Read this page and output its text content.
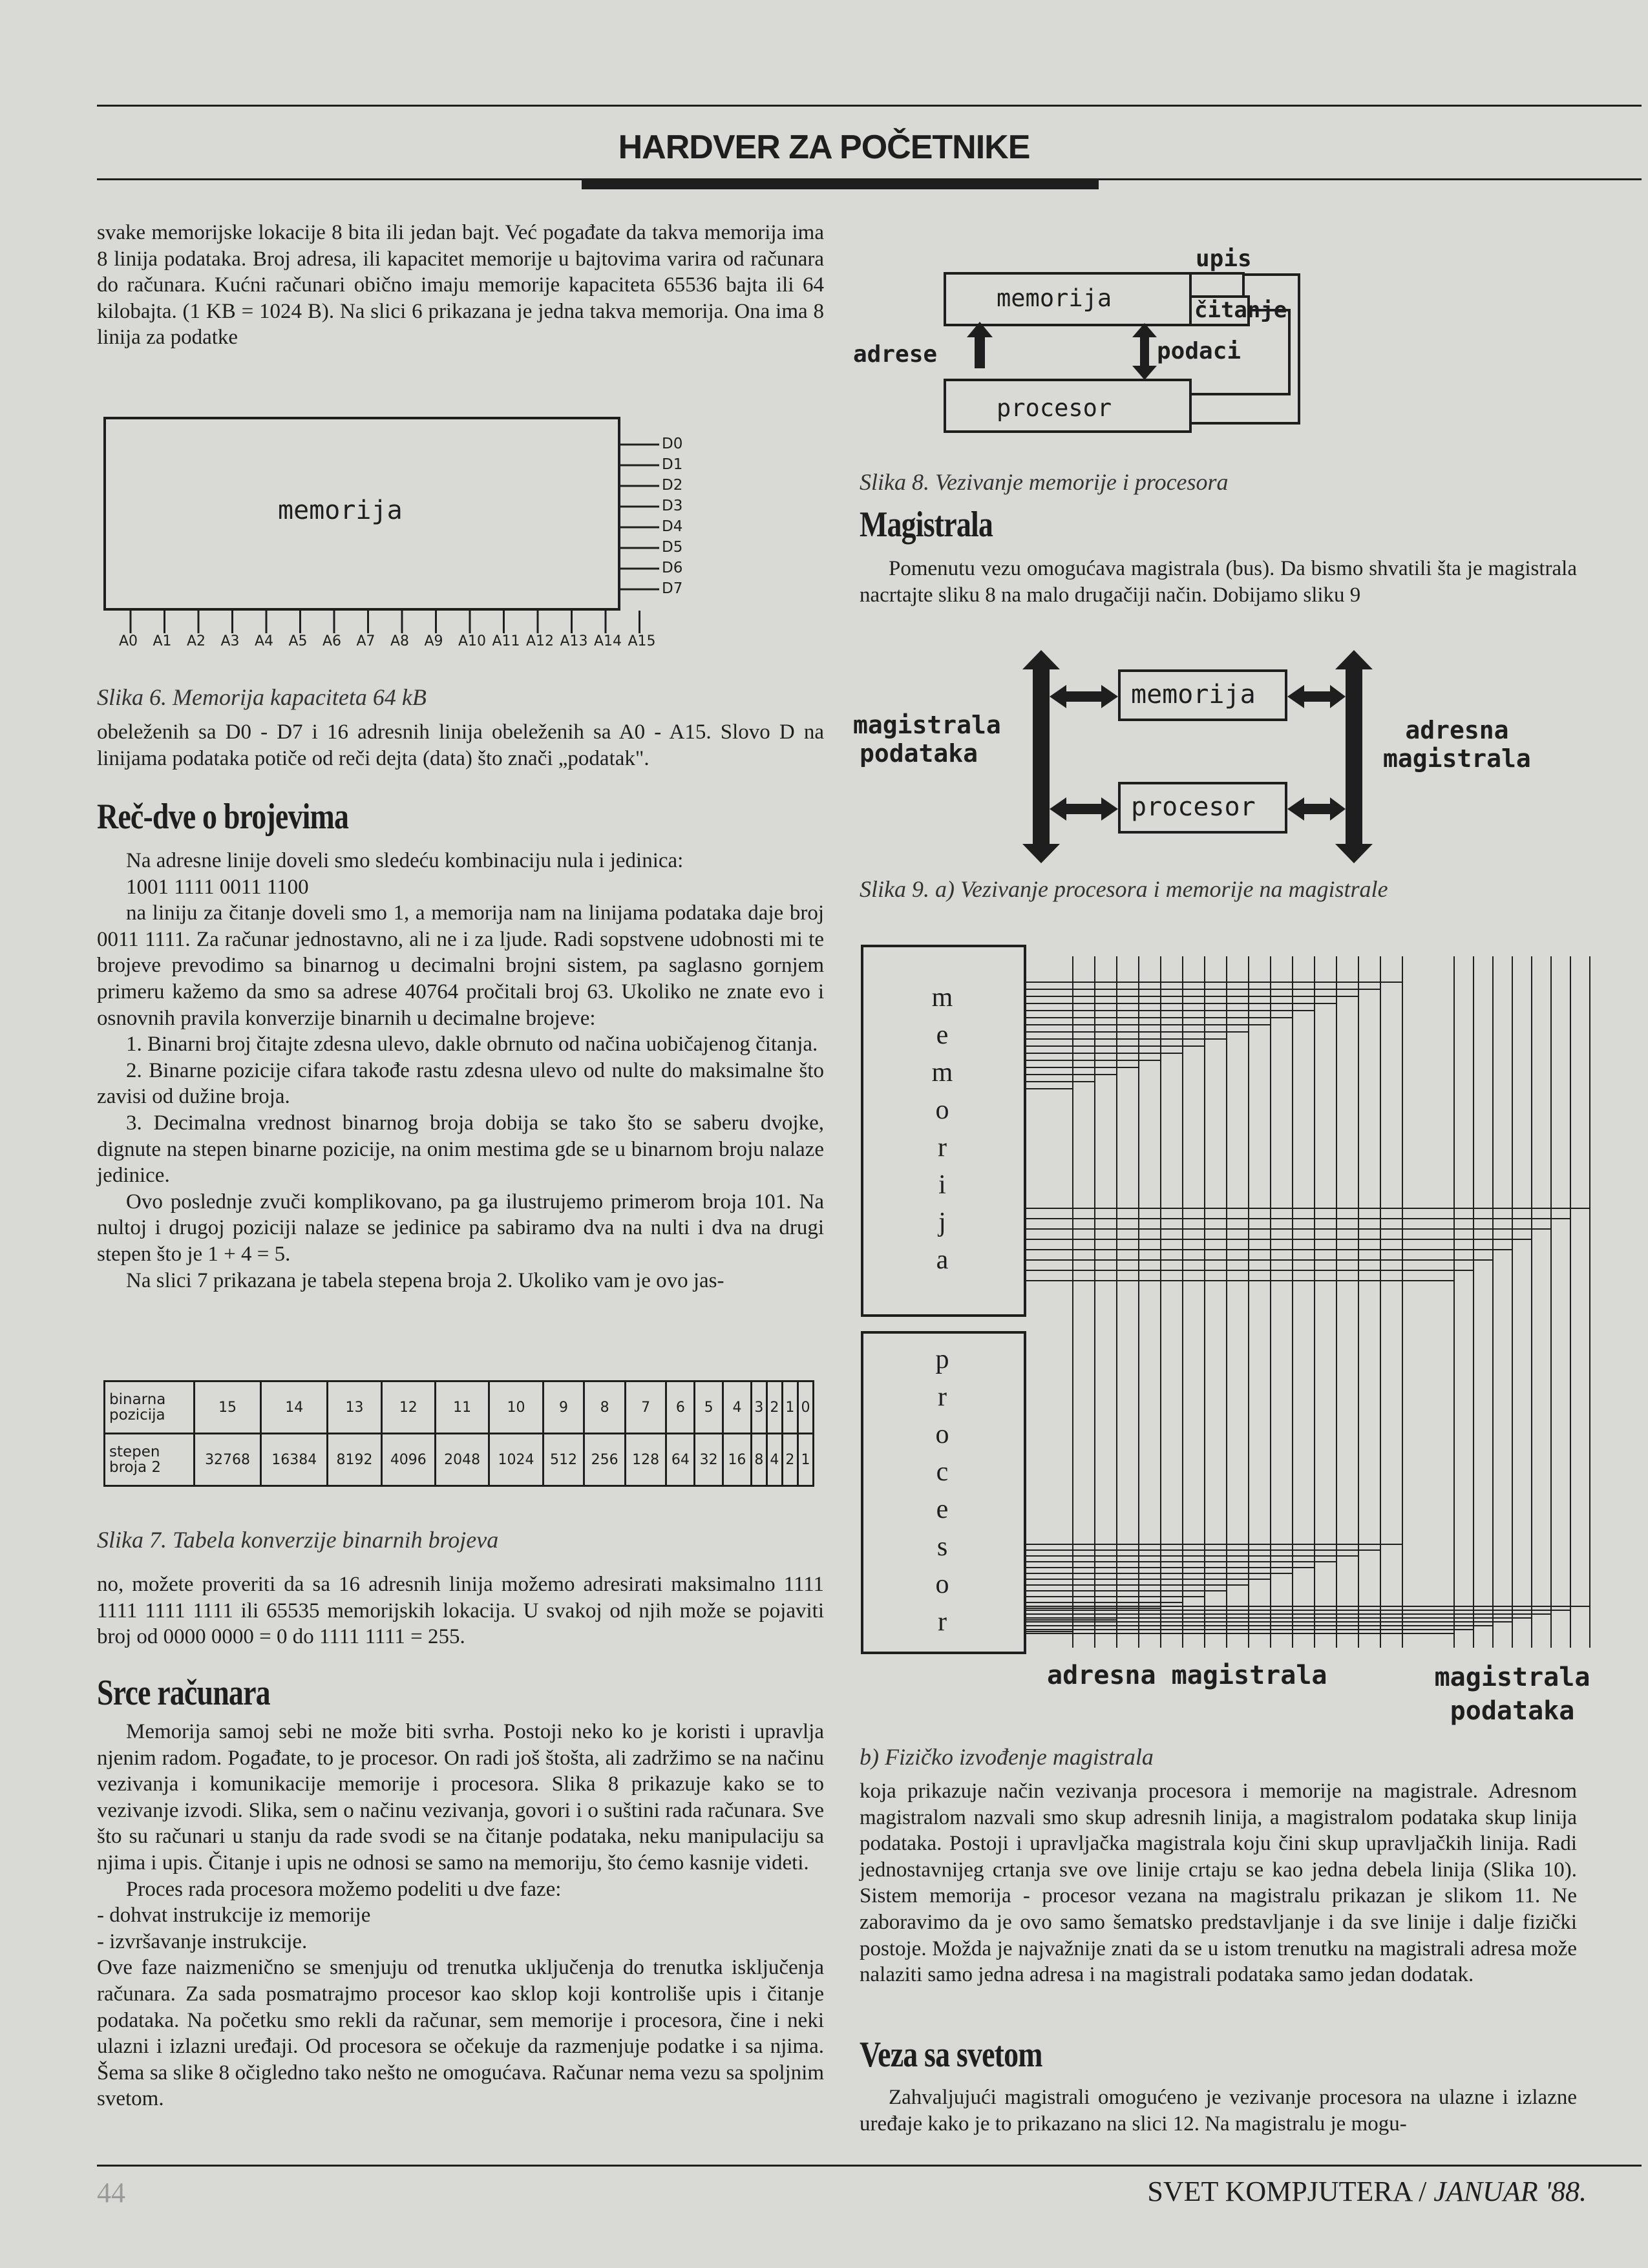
HARDVER ZA POČETNIKE

svake memorijske lokacije 8 bita ili jedan bajt. Već pogađate da takva memorija ima 8 linija podataka. Broj adresa, ili kapacitet memorije u bajtovima varira od računara do računara. Kućni računari obično imaju memorije kapaciteta 65536 bajta ili 64 kilobajta. (1 KB = 1024 B). Na slici 6 prikazana je jedna takva memorija. Ona ima 8 linija za podatke

memorija
D0
D1
D2
D3
D4
D5
D6
D7
A0 A1 A2 A3 A4 A5 A6 A7 A8 A9 A10 A11 A12 A13 A14 A15
Slika 6. Memorija kapaciteta 64 kB

obeleženih sa D0 - D7 i 16 adresnih linija obeleženih sa A0 - A15. Slovo D na linijama podataka potiče od reči dejta (data) što znači „podatak".

Reč-dve o brojevima

Na adresne linije doveli smo sledeću kombinaciju nula i jedinica:

1001 1111 0011 1100

na liniju za čitanje doveli smo 1, a memorija nam na linijama podataka daje broj 0011 1111. Za računar jednostavno, ali ne i za ljude. Radi sopstvene udobnosti mi te brojeve prevodimo sa binarnog u decimalni brojni sistem, pa saglasno gornjem primeru kažemo da smo sa adrese 40764 pročitali broj 63. Ukoliko ne znate evo i osnovnih pravila konverzije binarnih u decimalne brojeve:

1. Binarni broj čitajte zdesna ulevo, dakle obrnuto od načina uobičajenog čitanja.

2. Binarne pozicije cifara takođe rastu zdesna ulevo od nulte do maksimalne što zavisi od dužine broja.

3. Decimalna vrednost binarnog broja dobija se tako što se saberu dvojke, dignute na stepen binarne pozicije, na onim mestima gde se u binarnom broju nalaze jedinice.

Ovo poslednje zvuči komplikovano, pa ga ilustrujemo primerom broja 101. Na nultoj i drugoj poziciji nalaze se jedinice pa sabiramo dva na nulti i dva na drugi stepen što je 1 + 4 = 5.

Na slici 7 prikazana je tabela stepena broja 2. Ukoliko vam je ovo jas-

binarna
pozicija	15	14	13	12	11	10	9	8	7	6	5	4	3	2	1	0
stepen
broja 2	32768	16384	8192	4096	2048	1024	512	256	128	64	32	16	8	4	2	1
Slika 7. Tabela konverzije binarnih brojeva

no, možete proveriti da sa 16 adresnih linija možemo adresirati maksimalno 1111 1111 1111 1111 ili 65535 memorijskih lokacija. U svakoj od njih može se pojaviti broj od 0000 0000 = 0 do 1111 1111 = 255.

Srce računara

Memorija samoj sebi ne može biti svrha. Postoji neko ko je koristi i upravlja njenim radom. Pogađate, to je procesor. On radi još štošta, ali zadržimo se na načinu vezivanja i komunikacije memorije i procesora. Slika 8 prikazuje kako se to vezivanje izvodi. Slika, sem o načinu vezivanja, govori i o suštini rada računara. Sve što su računari u stanju da rade svodi se na čitanje podataka, neku manipulaciju sa njima i upis. Čitanje i upis ne odnosi se samo na memoriju, što ćemo kasnije videti.

Proces rada procesora možemo podeliti u dve faze:

- dohvat instrukcije iz memorije

- izvršavanje instrukcije.

Ove faze naizmenično se smenjuju od trenutka uključenja do trenutka isključenja računara. Za sada posmatrajmo procesor kao sklop koji kontroliše upis i čitanje podataka. Na početku smo rekli da računar, sem memorije i procesora, čine i neki ulazni i izlazni uređaji. Od procesora se očekuje da razmenjuje podatke i sa njima. Šema sa slike 8 očigledno tako nešto ne omogućava. Računar nema vezu sa spoljnim svetom.

memorija
procesor
adrese	podaci
upis
čitanje
Slika 8. Vezivanje memorije i procesora
Magistrala

Pomenutu vezu omogućava magistrala (bus). Da bismo shvatili šta je magistrala nacrtajte sliku 8 na malo drugačiji način. Dobijamo sliku 9

memorija
procesor
magistrala
podataka
adresna
magistrala
Slika 9. a) Vezivanje procesora i memorije na magistrale
m
e
m
o
r
i
j
a
p
r
o
c
e
s
o
r
adresna magistrala	magistrala
podataka
b) Fizičko izvođenje magistrala

koja prikazuje način vezivanja procesora i memorije na magistrale. Adresnom magistralom nazvali smo skup adresnih linija, a magistralom podataka skup linija podataka. Postoji i upravljačka magistrala koju čini skup upravljačkih linija. Radi jednostavnijeg crtanja sve ove linije crtaju se kao jedna debela linija (Slika 10). Sistem memorija - procesor vezana na magistralu prikazan je slikom 11. Ne zaboravimo da je ovo samo šematsko predstavljanje i da sve linije i dalje fizički postoje. Možda je najvažnije znati da se u istom trenutku na magistrali adresa može nalaziti samo jedna adresa i na magistrali podataka samo jedan dodatak.

Veza sa svetom

Zahvaljujući magistrali omogućeno je vezivanje procesora na ulazne i izlazne uređaje kako je to prikazano na slici 12. Na magistralu je mogu-

44	SVET KOMPJUTERA / JANUAR '88.
